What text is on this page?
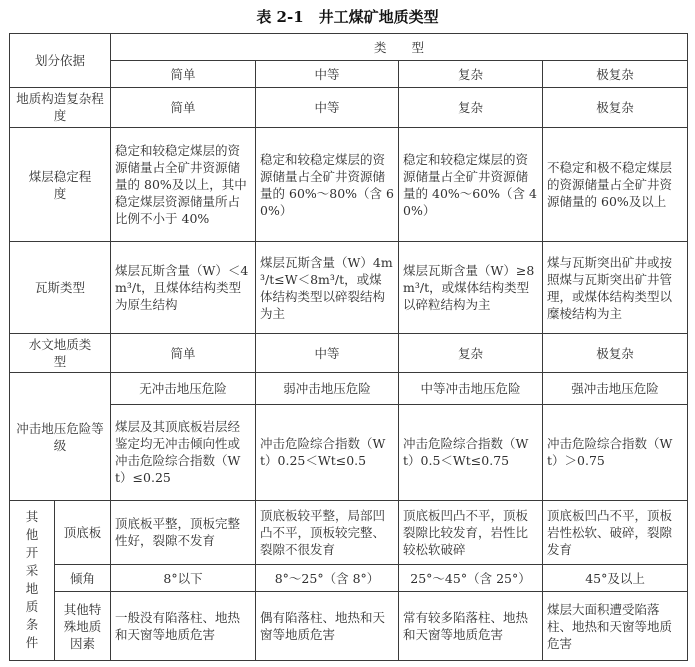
表 2-1　井工煤矿地质类型
划分依据		类　　型			
		简单	中等	复杂	极复杂
地质构造复杂程度		简单	中等	复杂	极复杂
煤层稳定程　　度		稳定和较稳定煤层的资源储量占全矿井资源储量的 80%及以上，其中稳定煤层资源储量所占比例不小于 40%	稳定和较稳定煤层的资源储量占全矿井资源储量的 60%～80%（含 60%）	稳定和较稳定煤层的资源储量占全矿井资源储量的 40%～60%（含 40%）	不稳定和极不稳定煤层的资源储量占全矿井资源储量的 60%及以上
瓦斯类型		煤层瓦斯含量（W）＜4m³/t，且煤体结构类型为原生结构	煤层瓦斯含量（W）4m³/t≤W＜8m³/t，或煤体结构类型以碎裂结构为主	煤层瓦斯含量（W）≥8m³/t，或煤体结构类型以碎粒结构为主	煤与瓦斯突出矿井或按照煤与瓦斯突出矿井管理，或煤体结构类型以糜棱结构为主
水文地质类　　型		简单	中等	复杂	极复杂
冲击地压危险等级		无冲击地压危险	弱冲击地压危险	中等冲击地压危险	强冲击地压危险
		煤层及其顶底板岩层经鉴定均无冲击倾向性或冲击危险综合指数（Wt）≤0.25	冲击危险综合指数（Wt）0.25＜Wt≤0.5	冲击危险综合指数（Wt）0.5＜Wt≤0.75	冲击危险综合指数（Wt）＞0.75
其他开采地质条件	顶底板	顶底板平整，顶板完整性好，裂隙不发育	顶底板较平整，局部凹凸不平，顶板较完整、裂隙不很发育	顶底板凹凸不平，顶板裂隙比较发育，岩性比较松软破碎	顶底板凹凸不平，顶板岩性松软、破碎，裂隙发育
	倾角	8°以下	8°～25°（含 8°）	25°～45°（含 25°）	45°及以上
	其他特殊地质因素	一般没有陷落柱、地热和天窗等地质危害	偶有陷落柱、地热和天窗等地质危害	常有较多陷落柱、地热和天窗等地质危害	煤层大面积遭受陷落柱、地热和天窗等地质危害
